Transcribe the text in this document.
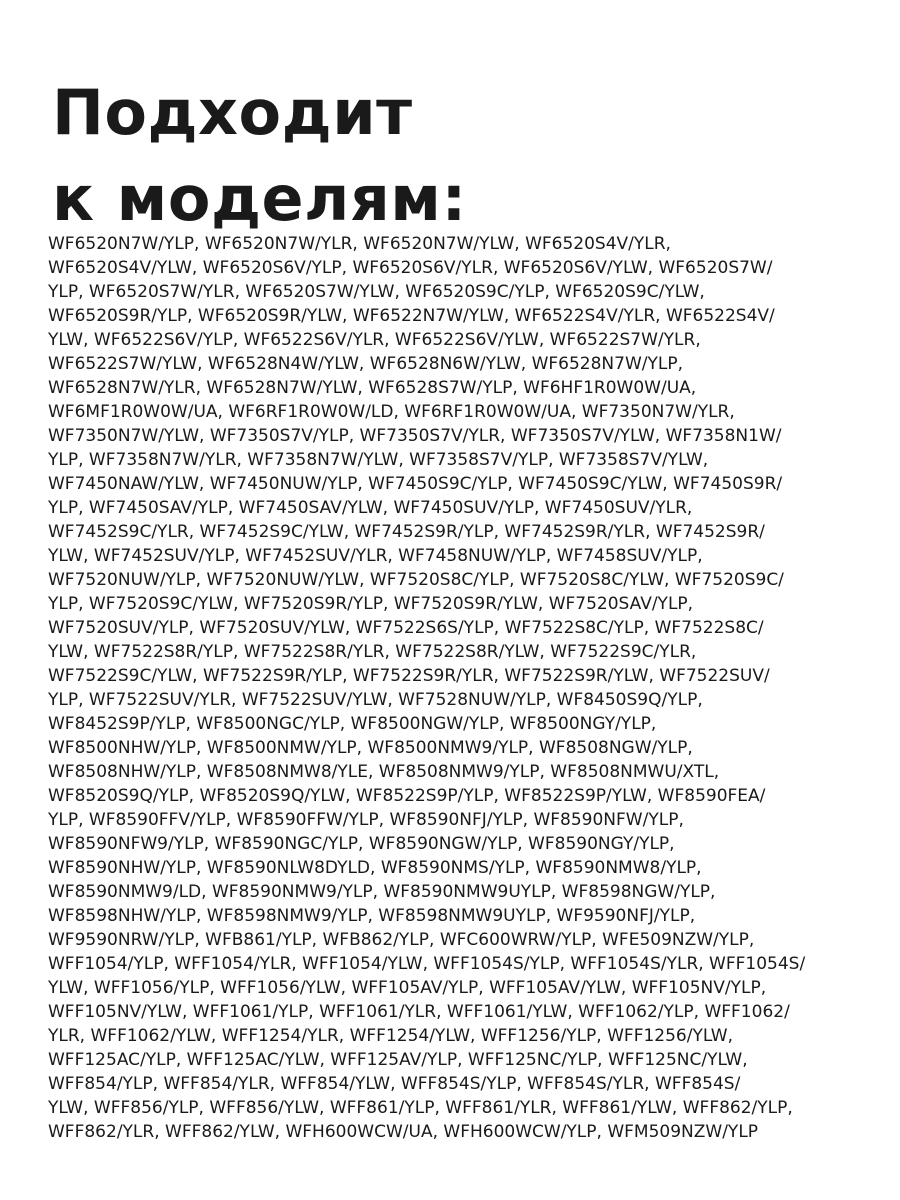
Подходит
к моделям:
WF6520N7W/YLP, WF6520N7W/YLR, WF6520N7W/YLW, WF6520S4V/YLR,
WF6520S4V/YLW, WF6520S6V/YLP, WF6520S6V/YLR, WF6520S6V/YLW, WF6520S7W/
YLP, WF6520S7W/YLR, WF6520S7W/YLW, WF6520S9C/YLP, WF6520S9C/YLW,
WF6520S9R/YLP, WF6520S9R/YLW, WF6522N7W/YLW, WF6522S4V/YLR, WF6522S4V/
YLW, WF6522S6V/YLP, WF6522S6V/YLR, WF6522S6V/YLW, WF6522S7W/YLR,
WF6522S7W/YLW, WF6528N4W/YLW, WF6528N6W/YLW, WF6528N7W/YLP,
WF6528N7W/YLR, WF6528N7W/YLW, WF6528S7W/YLP, WF6HF1R0W0W/UA,
WF6MF1R0W0W/UA, WF6RF1R0W0W/LD, WF6RF1R0W0W/UA, WF7350N7W/YLR,
WF7350N7W/YLW, WF7350S7V/YLP, WF7350S7V/YLR, WF7350S7V/YLW, WF7358N1W/
YLP, WF7358N7W/YLR, WF7358N7W/YLW, WF7358S7V/YLP, WF7358S7V/YLW,
WF7450NAW/YLW, WF7450NUW/YLP, WF7450S9C/YLP, WF7450S9C/YLW, WF7450S9R/
YLP, WF7450SAV/YLP, WF7450SAV/YLW, WF7450SUV/YLP, WF7450SUV/YLR,
WF7452S9C/YLR, WF7452S9C/YLW, WF7452S9R/YLP, WF7452S9R/YLR, WF7452S9R/
YLW, WF7452SUV/YLP, WF7452SUV/YLR, WF7458NUW/YLP, WF7458SUV/YLP,
WF7520NUW/YLP, WF7520NUW/YLW, WF7520S8C/YLP, WF7520S8C/YLW, WF7520S9C/
YLP, WF7520S9C/YLW, WF7520S9R/YLP, WF7520S9R/YLW, WF7520SAV/YLP,
WF7520SUV/YLP, WF7520SUV/YLW, WF7522S6S/YLP, WF7522S8C/YLP, WF7522S8C/
YLW, WF7522S8R/YLP, WF7522S8R/YLR, WF7522S8R/YLW, WF7522S9C/YLR,
WF7522S9C/YLW, WF7522S9R/YLP, WF7522S9R/YLR, WF7522S9R/YLW, WF7522SUV/
YLP, WF7522SUV/YLR, WF7522SUV/YLW, WF7528NUW/YLP, WF8450S9Q/YLP,
WF8452S9P/YLP, WF8500NGC/YLP, WF8500NGW/YLP, WF8500NGY/YLP,
WF8500NHW/YLP, WF8500NMW/YLP, WF8500NMW9/YLP, WF8508NGW/YLP,
WF8508NHW/YLP, WF8508NMW8/YLE, WF8508NMW9/YLP, WF8508NMWU/XTL,
WF8520S9Q/YLP, WF8520S9Q/YLW, WF8522S9P/YLP, WF8522S9P/YLW, WF8590FEA/
YLP, WF8590FFV/YLP, WF8590FFW/YLP, WF8590NFJ/YLP, WF8590NFW/YLP,
WF8590NFW9/YLP, WF8590NGC/YLP, WF8590NGW/YLP, WF8590NGY/YLP,
WF8590NHW/YLP, WF8590NLW8DYLD, WF8590NMS/YLP, WF8590NMW8/YLP,
WF8590NMW9/LD, WF8590NMW9/YLP, WF8590NMW9UYLP, WF8598NGW/YLP,
WF8598NHW/YLP, WF8598NMW9/YLP, WF8598NMW9UYLP, WF9590NFJ/YLP,
WF9590NRW/YLP, WFB861/YLP, WFB862/YLP, WFC600WRW/YLP, WFE509NZW/YLP,
WFF1054/YLP, WFF1054/YLR, WFF1054/YLW, WFF1054S/YLP, WFF1054S/YLR, WFF1054S/
YLW, WFF1056/YLP, WFF1056/YLW, WFF105AV/YLP, WFF105AV/YLW, WFF105NV/YLP,
WFF105NV/YLW, WFF1061/YLP, WFF1061/YLR, WFF1061/YLW, WFF1062/YLP, WFF1062/
YLR, WFF1062/YLW, WFF1254/YLR, WFF1254/YLW, WFF1256/YLP, WFF1256/YLW,
WFF125AC/YLP, WFF125AC/YLW, WFF125AV/YLP, WFF125NC/YLP, WFF125NC/YLW,
WFF854/YLP, WFF854/YLR, WFF854/YLW, WFF854S/YLP, WFF854S/YLR, WFF854S/
YLW, WFF856/YLP, WFF856/YLW, WFF861/YLP, WFF861/YLR, WFF861/YLW, WFF862/YLP,
WFF862/YLR, WFF862/YLW, WFH600WCW/UA, WFH600WCW/YLP, WFM509NZW/YLP
